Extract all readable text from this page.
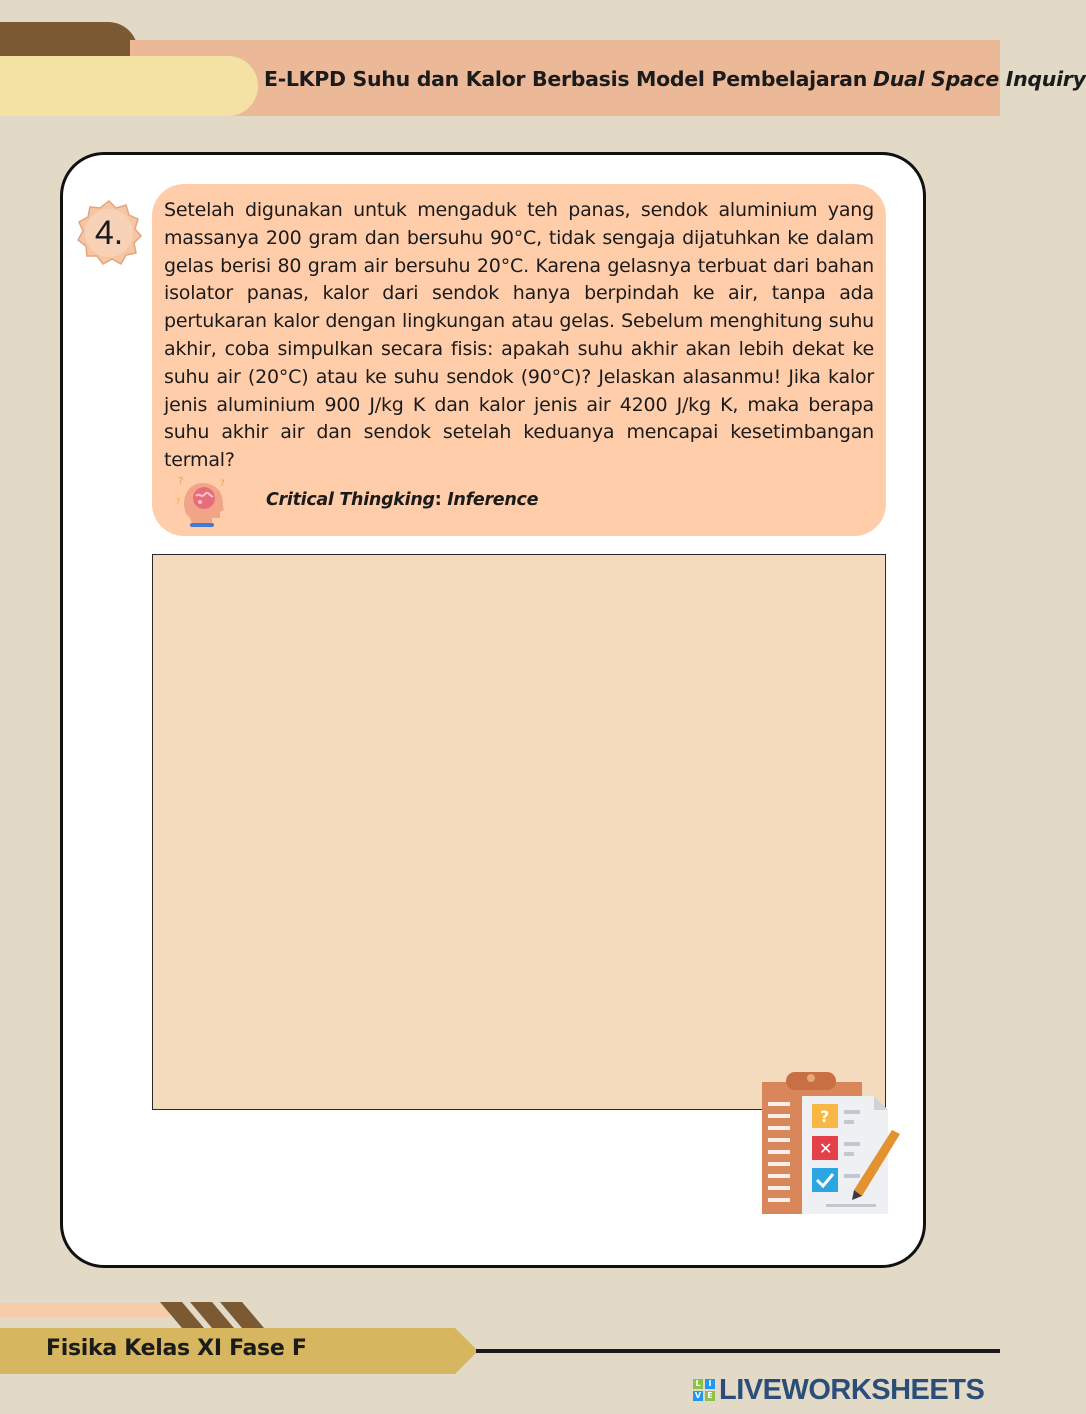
E-LKPD Suhu dan Kalor Berbasis Model Pembelajaran Dual Space Inquiry
4.

Setelah digunakan untuk mengaduk teh panas, sendok aluminium yang massanya 200 gram dan bersuhu 90°C, tidak sengaja dijatuhkan ke dalam gelas berisi 80 gram air bersuhu 20°C. Karena gelasnya terbuat dari bahan isolator panas, kalor dari sendok hanya berpindah ke air, tanpa ada pertukaran kalor dengan lingkungan atau gelas. Sebelum menghitung suhu akhir, coba simpulkan secara fisis: apakah suhu akhir akan lebih dekat ke suhu air (20°C) atau ke suhu sendok (90°C)? Jelaskan alasanmu! Jika kalor jenis aluminium 900 J/kg K dan kalor jenis air 4200 J/kg K, maka berapa suhu akhir air dan sendok setelah keduanya mencapai kesetimbangan termal?

?	?
?	Critical Thingking: Inference
?
✕
Fisika Kelas XI Fase F
L I
V E LIVEWORKSHEETS
